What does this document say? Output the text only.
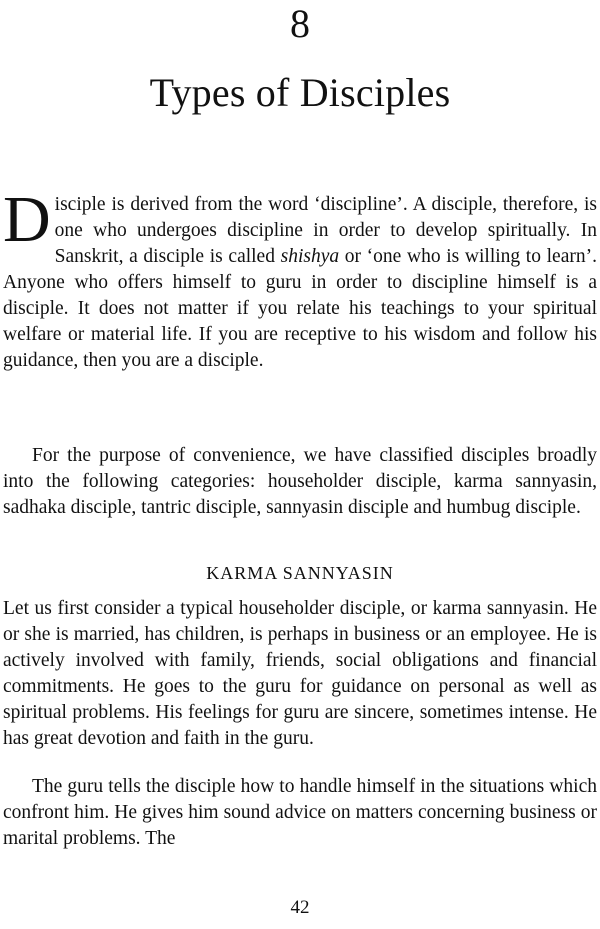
8
Types of Disciples

Disciple is derived from the word ‘discipline’. A disciple, therefore, is one who undergoes discipline in order to develop spiritually. In Sanskrit, a disciple is called shishya or ‘one who is willing to learn’. Anyone who offers himself to guru in order to discipline himself is a disciple. It does not matter if you relate his teachings to your spiritual welfare or material life. If you are receptive to his wisdom and follow his guidance, then you are a disciple.

For the purpose of convenience, we have classified disciples broadly into the following categories: householder disciple, karma sannyasin, sadhaka disciple, tantric disciple, sannyasin disciple and humbug disciple.

KARMA SANNYASIN

Let us first consider a typical householder disciple, or karma sannyasin. He or she is married, has children, is perhaps in business or an employee. He is actively involved with family, friends, social obligations and financial commitments. He goes to the guru for guidance on personal as well as spiritual problems. His feelings for guru are sincere, sometimes intense. He has great devotion and faith in the guru.

The guru tells the disciple how to handle himself in the situations which confront him. He gives him sound advice on matters concerning business or marital problems. The

42
